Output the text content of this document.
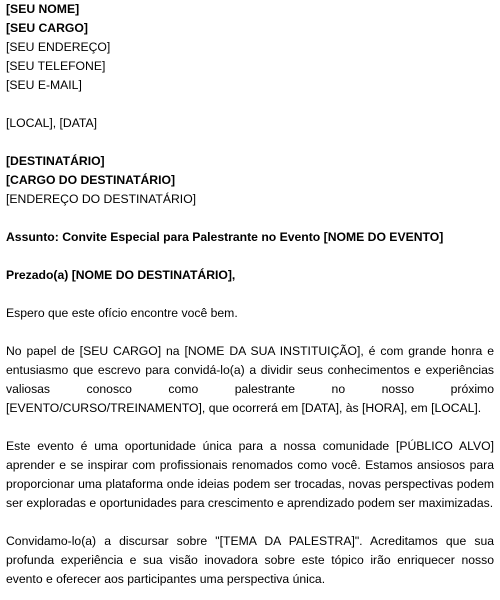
[SEU NOME]
[SEU CARGO]
[SEU ENDEREÇO]
[SEU TELEFONE]
[SEU E-MAIL]
[LOCAL], [DATA]
[DESTINATÁRIO]
[CARGO DO DESTINATÁRIO]
[ENDEREÇO DO DESTINATÁRIO]
Assunto: Convite Especial para Palestrante no Evento [NOME DO EVENTO]
Prezado(a) [NOME DO DESTINATÁRIO],

Espero que este ofício encontre você bem.

No papel de [SEU CARGO] na [NOME DA SUA INSTITUIÇÃO], é com grande honra e entusiasmo que escrevo para convidá-lo(a) a dividir seus conhecimentos e experiências valiosas conosco como palestrante no nosso próximo [EVENTO/CURSO/TREINAMENTO], que ocorrerá em [DATA], às [HORA], em [LOCAL].

Este evento é uma oportunidade única para a nossa comunidade [PÚBLICO ALVO] aprender e se inspirar com profissionais renomados como você. Estamos ansiosos para proporcionar uma plataforma onde ideias podem ser trocadas, novas perspectivas podem ser exploradas e oportunidades para crescimento e aprendizado podem ser maximizadas.

Convidamo-lo(a) a discursar sobre "[TEMA DA PALESTRA]". Acreditamos que sua profunda experiência e sua visão inovadora sobre este tópico irão enriquecer nosso evento e oferecer aos participantes uma perspectiva única.
